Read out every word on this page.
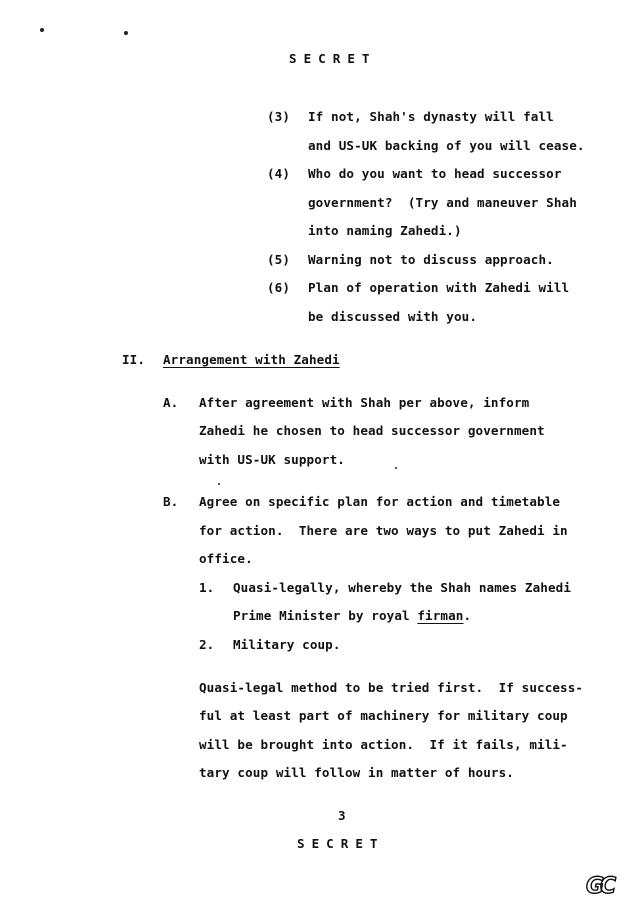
SECRET
(3) If not, Shah's dynasty will fall
and US-UK backing of you will cease.
(4) Who do you want to head successor
government?  (Try and maneuver Shah
into naming Zahedi.)
(5) Warning not to discuss approach.
(6) Plan of operation with Zahedi will
be discussed with you.
II. Arrangement with Zahedi
A. After agreement with Shah per above, inform
Zahedi he chosen to head successor government
with US-UK support.
B. Agree on specific plan for action and timetable
for action.  There are two ways to put Zahedi in
office.
1. Quasi-legally, whereby the Shah names Zahedi
Prime Minister by royal firman.
2. Military coup.
Quasi-legal method to be tried first.  If success-
ful at least part of machinery for military coup
will be brought into action.  If it fails, mili-
tary coup will follow in matter of hours.
3
SECRET
GC
